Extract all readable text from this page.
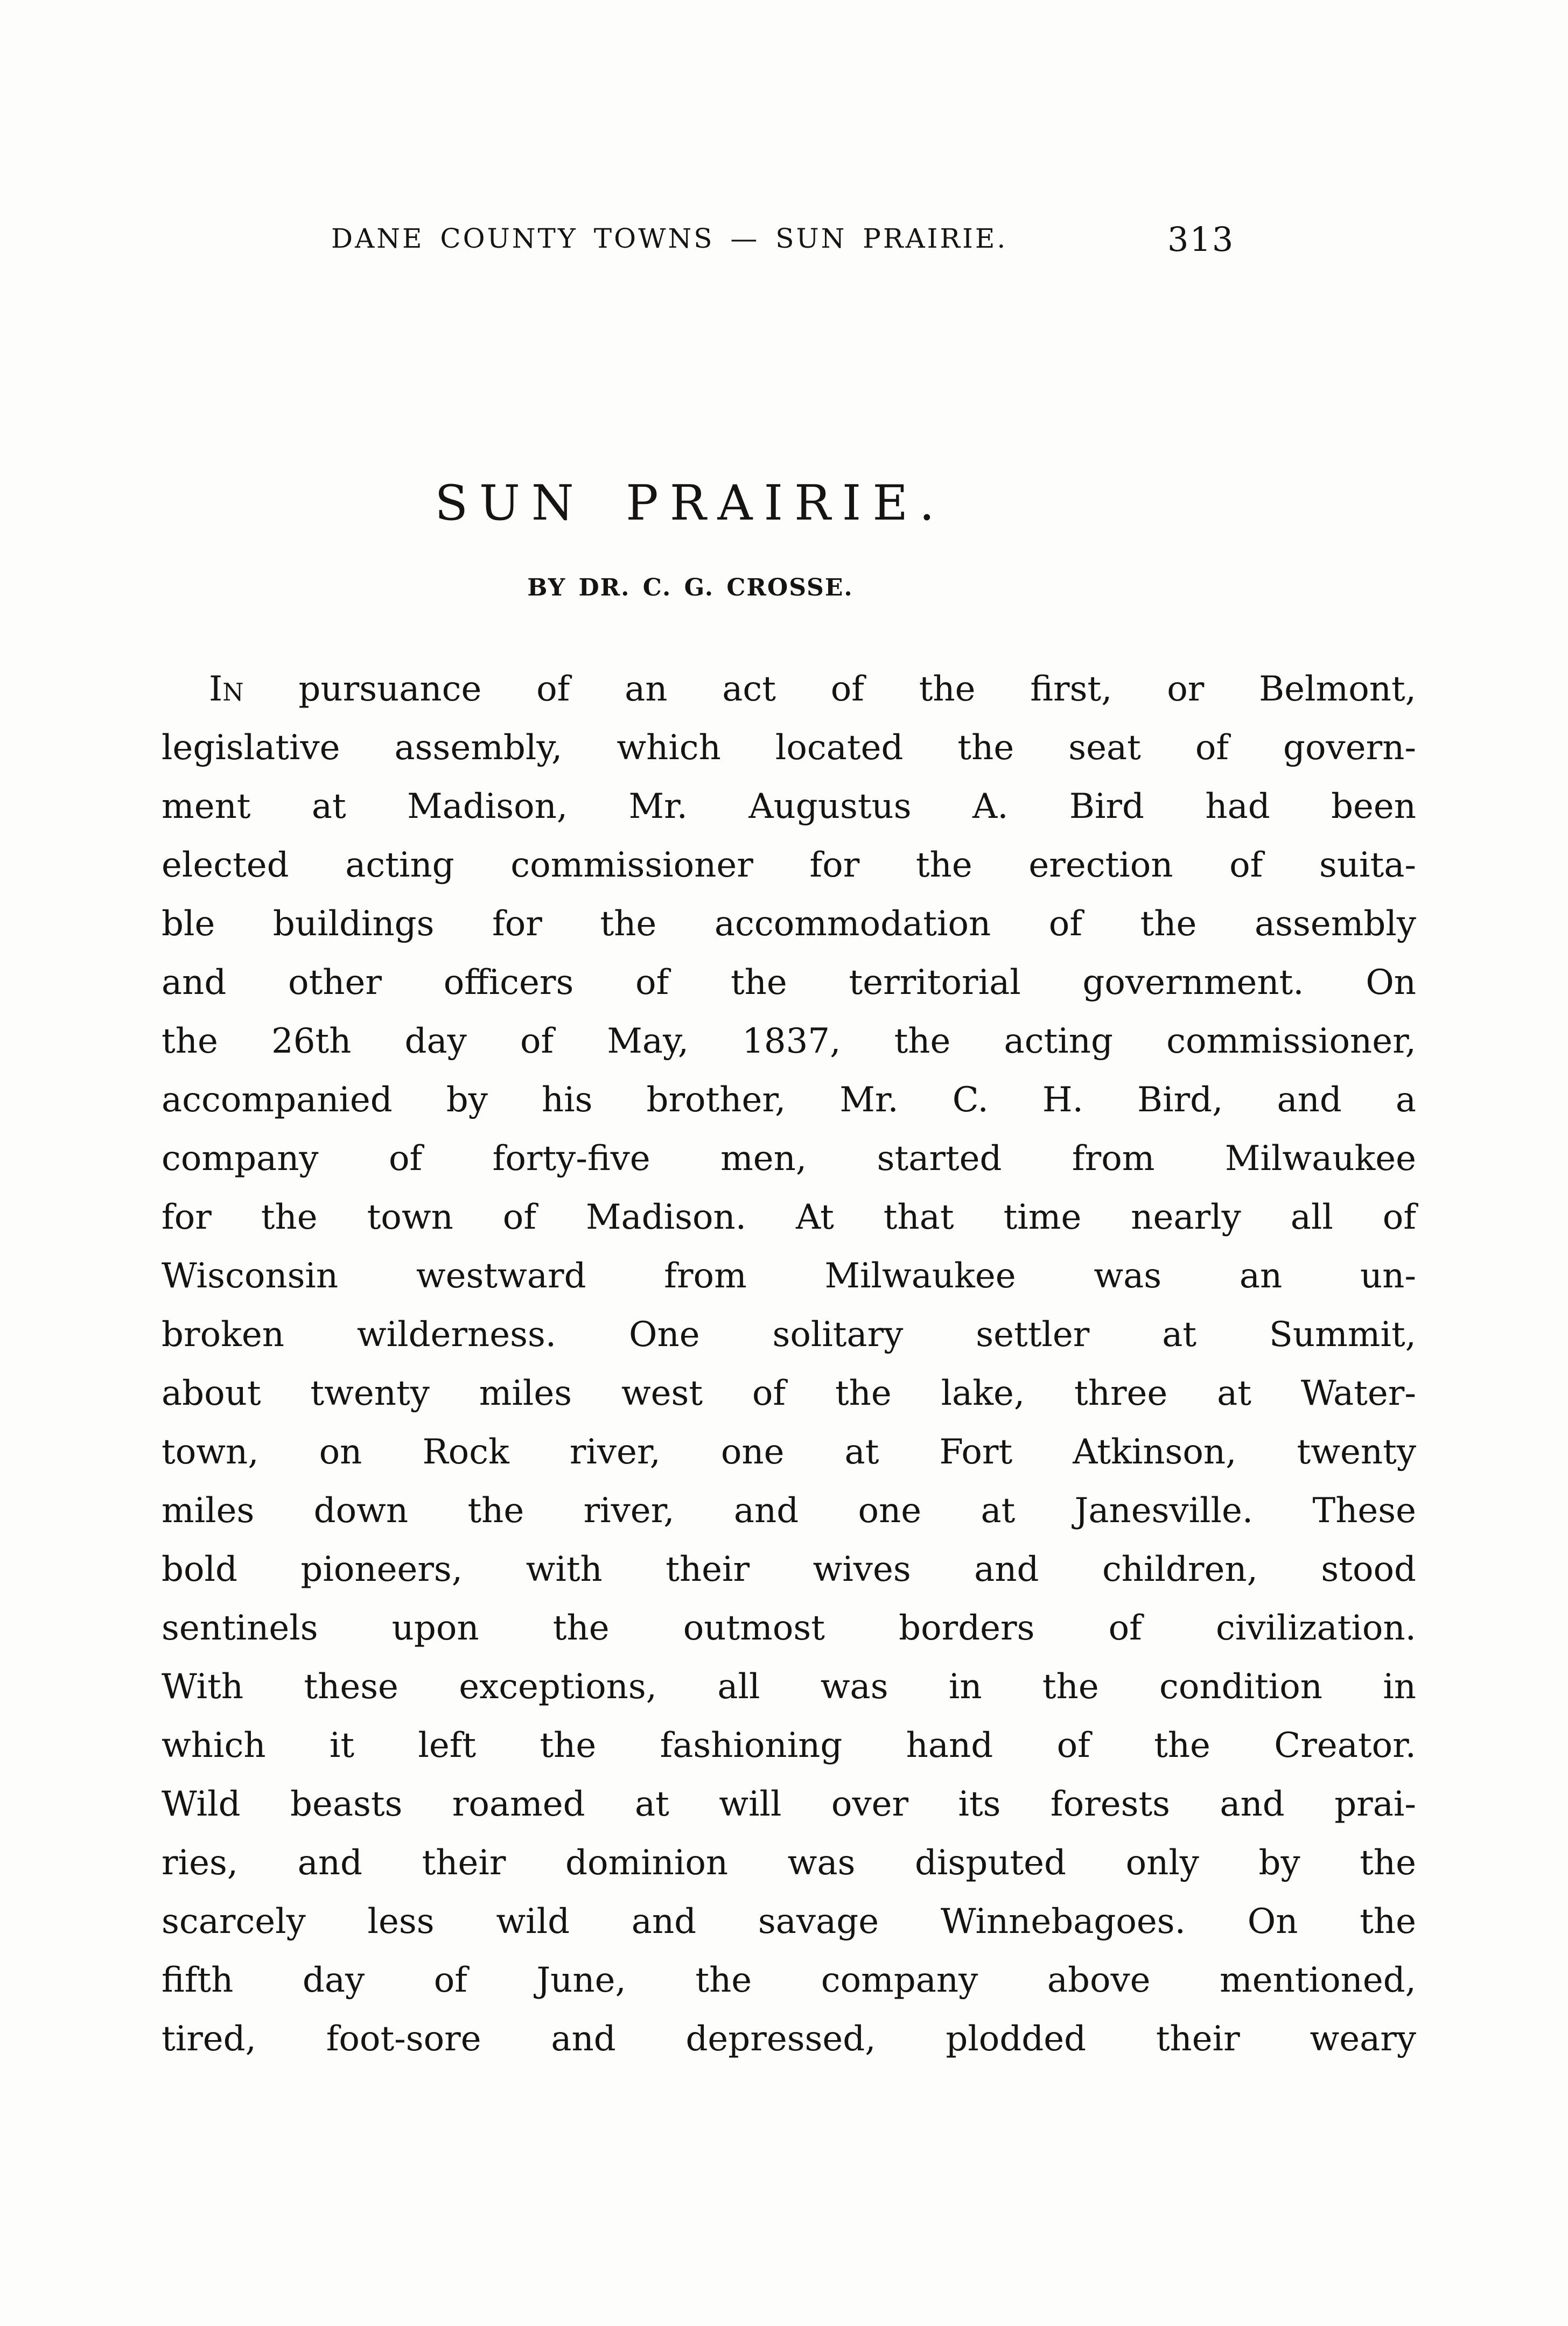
DANE COUNTY TOWNS — SUN PRAIRIE.	313
SUN PRAIRIE.
BY DR. C. G. CROSSE.
In pursuance of an act of the first, or Belmont,
legislative assembly, which located the seat of govern-
ment at Madison, Mr. Augustus A. Bird had been
elected acting commissioner for the erection of suita-
ble buildings for the accommodation of the assembly
and other officers of the territorial government. On
the 26th day of May, 1837, the acting commissioner,
accompanied by his brother, Mr. C. H. Bird, and a
company of forty-five men, started from Milwaukee
for the town of Madison. At that time nearly all of
Wisconsin westward from Milwaukee was an un-
broken wilderness. One solitary settler at Summit,
about twenty miles west of the lake, three at Water-
town, on Rock river, one at Fort Atkinson, twenty
miles down the river, and one at Janesville. These
bold pioneers, with their wives and children, stood
sentinels upon the outmost borders of civilization.
With these exceptions, all was in the condition in
which it left the fashioning hand of the Creator.
Wild beasts roamed at will over its forests and prai-
ries, and their dominion was disputed only by the
scarcely less wild and savage Winnebagoes. On the
fifth day of June, the company above mentioned,
tired, foot-sore and depressed, plodded their weary
